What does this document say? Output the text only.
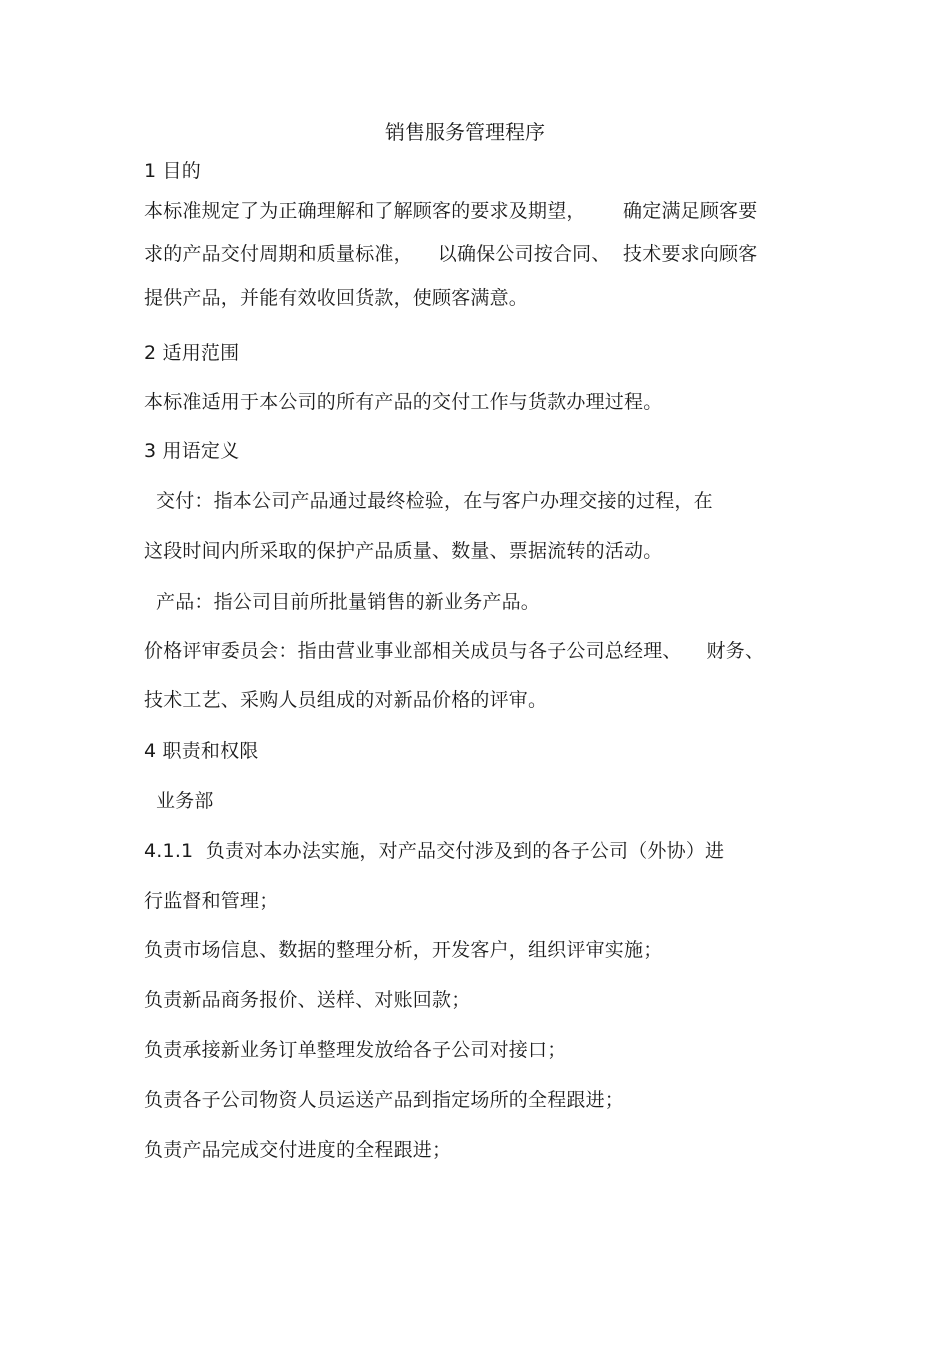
销售服务管理程序
1 目的
本标准规定了为正确理解和了解顾客的要求及期望，      确定满足顾客要
求的产品交付周期和质量标准，    以确保公司按合同、  技术要求向顾客
提供产品，并能有效收回货款，使顾客满意。
2 适用范围
本标准适用于本公司的所有产品的交付工作与货款办理过程。
3 用语定义
交付：指本公司产品通过最终检验，在与客户办理交接的过程，在
这段时间内所采取的保护产品质量、数量、票据流转的活动。
产品：指公司目前所批量销售的新业务产品。
价格评审委员会：指由营业事业部相关成员与各子公司总经理、    财务、
技术工艺、采购人员组成的对新品价格的评审。
4 职责和权限
业务部
4.1.1  负责对本办法实施，对产品交付涉及到的各子公司（外协）进
行监督和管理；
负责市场信息、数据的整理分析，开发客户，组织评审实施；
负责新品商务报价、送样、对账回款；
负责承接新业务订单整理发放给各子公司对接口；
负责各子公司物资人员运送产品到指定场所的全程跟进；
负责产品完成交付进度的全程跟进；
